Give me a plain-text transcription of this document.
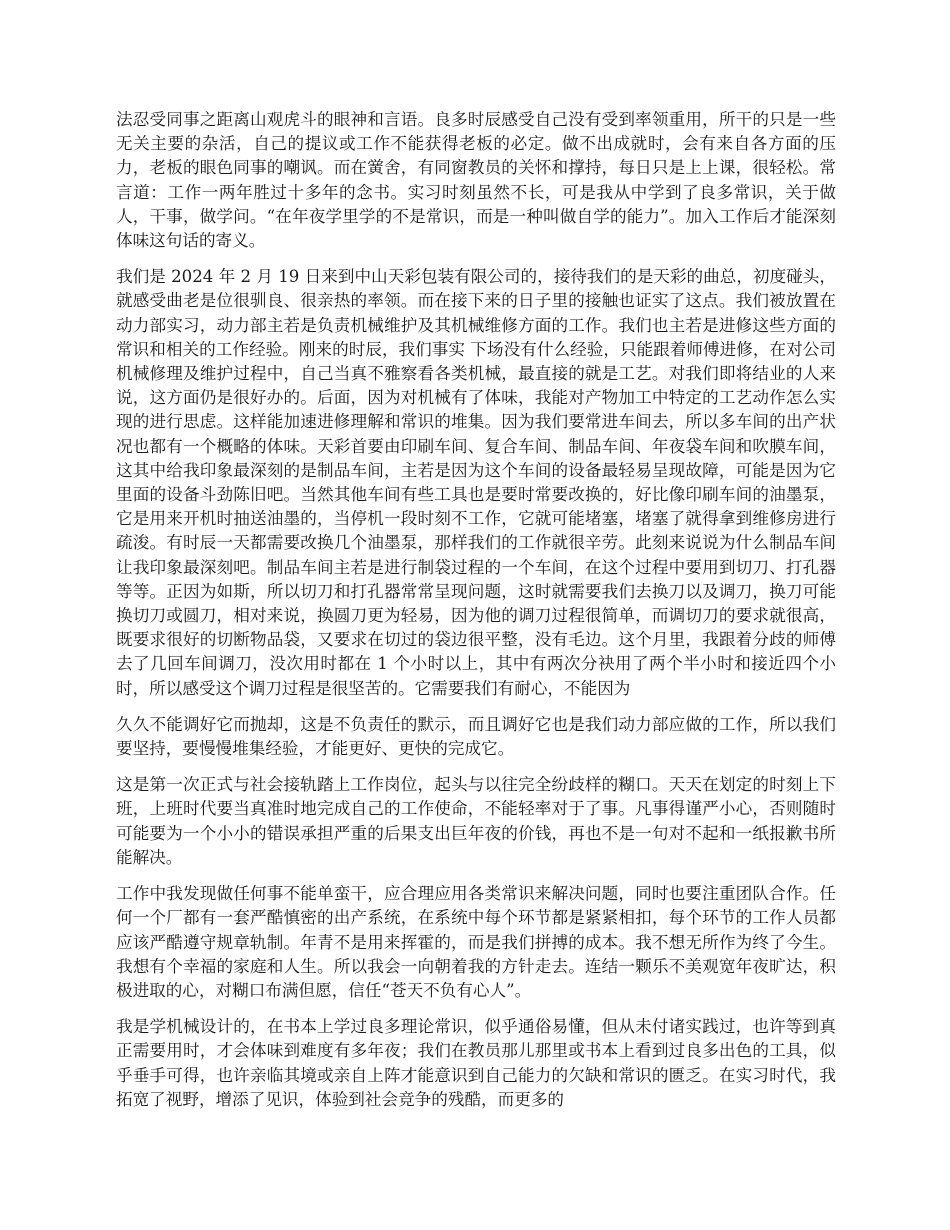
法忍受同事之距离山观虎斗的眼神和言语。良多时辰感受自己没有受到率领重用，所干的只是一些无关主要的杂活，自己的提议或工作不能获得老板的必定。做不出成就时，会有来自各方面的压力，老板的眼色同事的嘲讽。而在黉舍，有同窗教员的关怀和撑持，每日只是上上课，很轻松。常言道：工作一两年胜过十多年的念书。实习时刻虽然不长，可是我从中学到了良多常识，关于做人，干事，做学问。“在年夜学里学的不是常识，而是一种叫做自学的能力”。加入工作后才能深刻体味这句话的寄义。

我们是 2024 年 2 月 19 日来到中山天彩包装有限公司的，接待我们的是天彩的曲总，初度碰头，就感受曲老是位很驯良、很亲热的率领。而在接下来的日子里的接触也证实了这点。我们被放置在动力部实习，动力部主若是负责机械维护及其机械维修方面的工作。我们也主若是进修这些方面的常识和相关的工作经验。刚来的时辰，我们事实 下场没有什么经验，只能跟着师傅进修，在对公司机械修理及维护过程中，自己当真不雅察看各类机械，最直接的就是工艺。对我们即将结业的人来说，这方面仍是很好办的。后面，因为对机械有了体味，我能对产物加工中特定的工艺动作怎么实现的进行思虑。这样能加速进修理解和常识的堆集。因为我们要常进车间去，所以多车间的出产状况也都有一个概略的体味。天彩首要由印刷车间、复合车间、制品车间、年夜袋车间和吹膜车间，这其中给我印象最深刻的是制品车间，主若是因为这个车间的设备最轻易呈现故障，可能是因为它里面的设备斗劲陈旧吧。当然其他车间有些工具也是要时常要改换的，好比像印刷车间的油墨泵，它是用来开机时抽送油墨的，当停机一段时刻不工作，它就可能堵塞，堵塞了就得拿到维修房进行疏浚。有时辰一天都需要改换几个油墨泵，那样我们的工作就很辛劳。此刻来说说为什么制品车间让我印象最深刻吧。制品车间主若是进行制袋过程的一个车间，在这个过程中要用到切刀、打孔器等等。正因为如斯，所以切刀和打孔器常常呈现问题，这时就需要我们去换刀以及调刀，换刀可能换切刀或圆刀，相对来说，换圆刀更为轻易，因为他的调刀过程很简单，而调切刀的要求就很高，既要求很好的切断物品袋，又要求在切过的袋边很平整，没有毛边。这个月里，我跟着分歧的师傅去了几回车间调刀，没次用时都在 1 个小时以上，其中有两次分袂用了两个半小时和接近四个小时，所以感受这个调刀过程是很坚苦的。它需要我们有耐心，不能因为

久久不能调好它而抛却，这是不负责任的默示，而且调好它也是我们动力部应做的工作，所以我们要坚持，要慢慢堆集经验，才能更好、更快的完成它。

这是第一次正式与社会接轨踏上工作岗位，起头与以往完全纷歧样的糊口。天天在划定的时刻上下班，上班时代要当真准时地完成自己的工作使命，不能轻率对于了事。凡事得谨严小心，否则随时可能要为一个小小的错误承担严重的后果支出巨年夜的价钱，再也不是一句对不起和一纸报歉书所能解决。

工作中我发现做任何事不能单蛮干，应合理应用各类常识来解决问题，同时也要注重团队合作。任何一个厂都有一套严酷慎密的出产系统，在系统中每个环节都是紧紧相扣，每个环节的工作人员都应该严酷遵守规章轨制。年青不是用来挥霍的，而是我们拼搏的成本。我不想无所作为终了今生。我想有个幸福的家庭和人生。所以我会一向朝着我的方针走去。连结一颗乐不美观宽年夜旷达，积极进取的心，对糊口布满但愿，信任“苍天不负有心人”。

我是学机械设计的，在书本上学过良多理论常识，似乎通俗易懂，但从未付诸实践过，也许等到真正需要用时，才会体味到难度有多年夜；我们在教员那儿那里或书本上看到过良多出色的工具，似乎垂手可得，也许亲临其境或亲自上阵才能意识到自己能力的欠缺和常识的匮乏。在实习时代，我拓宽了视野，增添了见识，体验到社会竞争的残酷，而更多的
